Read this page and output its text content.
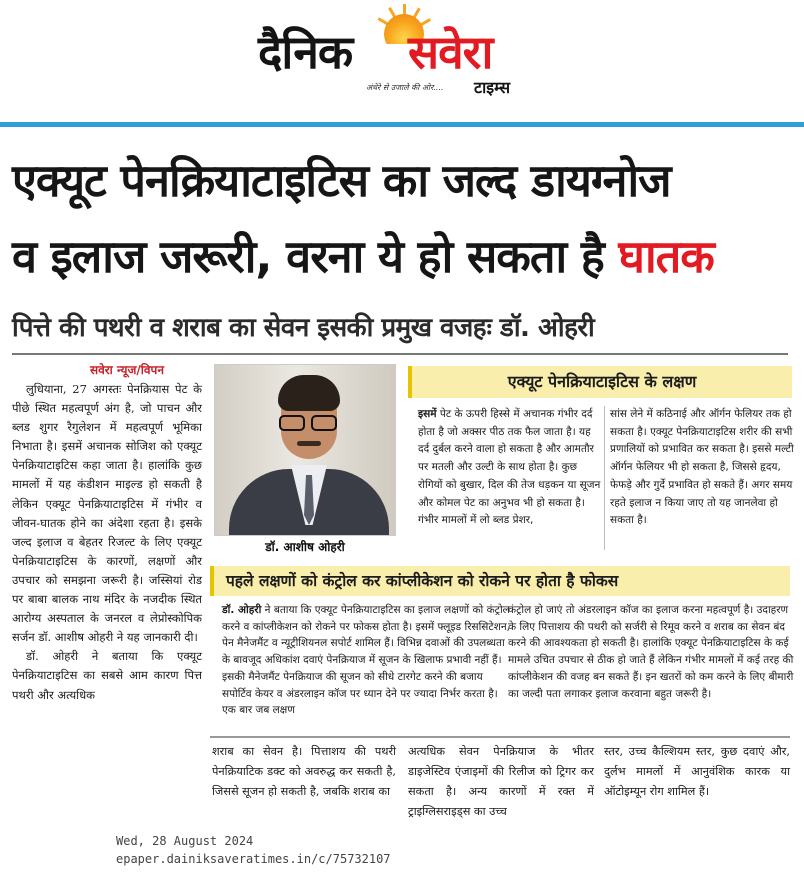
दैनिक सवेरा
अंधेरे से उजाले की ओर.... टाइम्स
एक्यूट पेनक्रियाटाइटिस का जल्द डायग्नोज
व इलाज जरूरी, वरना ये हो सकता है घातक
पित्ते की पथरी व शराब का सेवन इसकी प्रमुख वजहः डॉ. ओहरी
सवेरा न्यूज/विपन

लुधियाना, 27 अगस्तः पेनक्रियास पेट के पीछे स्थित महत्वपूर्ण अंग है, जो पाचन और ब्लड शुगर रैगुलेशन में महत्वपूर्ण भूमिका निभाता है। इसमें अचानक सोजिश को एक्यूट पेनक्रियाटाइटिस कहा जाता है। हालांकि कुछ मामलों में यह कंडीशन माइल्ड हो सकती है लेकिन एक्यूट पेनक्रियाटाइटिस में गंभीर व जीवन-घातक होने का अंदेशा रहता है। इसके जल्द इलाज व बेहतर रिजल्ट के लिए एक्यूट पेनक्रियाटाइटिस के कारणों, लक्षणों और उपचार को समझना जरूरी है। जस्सियां रोड पर बाबा बालक नाथ मंदिर के नजदीक स्थित आरोग्य अस्पताल के जनरल व लेप्रोस्कोपिक सर्जन डॉ. आशीष ओहरी ने यह जानकारी दी।

डॉ. ओहरी ने बताया कि एक्यूट पेनक्रियाटाइटिस का सबसे आम कारण पित्त पथरी और अत्यधिक

डॉ. आशीष ओहरी
एक्यूट पेनक्रियाटाइटिस के लक्षण
इसमें पेट के ऊपरी हिस्से में अचानक गंभीर दर्द होता है जो अक्सर पीठ तक फैल जाता है। यह दर्द दुर्बल करने वाला हो सकता है और आमतौर पर मतली और उल्टी के साथ होता है। कुछ रोगियों को बुखार, दिल की तेज धड़कन या सूजन और कोमल पेट का अनुभव भी हो सकता है। गंभीर मामलों में लो ब्लड प्रेशर,
सांस लेने में कठिनाई और ऑर्गन फेलियर तक हो सकता है। एक्यूट पेनक्रियाटाइटिस शरीर की सभी प्रणालियों को प्रभावित कर सकता है। इससे मल्टी ऑर्गन फेलियर भी हो सकता है, जिससे हृदय, फेफड़े और गुर्दे प्रभावित हो सकते हैं। अगर समय रहते इलाज न किया जाए तो यह जानलेवा हो सकता है।
पहले लक्षणों को कंट्रोल कर कांप्लीकेशन को रोकने पर होता है फोकस
डॉ. ओहरी ने बताया कि एक्यूट पेनक्रियाटाइटिस का इलाज लक्षणों को कंट्रोल करने व कांप्लीकेशन को रोकने पर फोकस होता है। इसमें फ्लूइड रिससिटेशन, पेन मैनेजमैंट व न्यूट्रीशियनल सपोर्ट शामिल हैं। विभिन्न दवाओं की उपलब्धता के बावजूद अधिकांश दवाएं पेनक्रियाज में सूजन के खिलाफ प्रभावी नहीं हैं। इसकी मैनेजमैंट पेनक्रियाज की सूजन को सीधे टारगेट करने की बजाय सपोर्टिव केयर व अंडरलाइन कॉज पर ध्यान देने पर ज्यादा निर्भर करता है। एक बार जब लक्षण
कंट्रोल हो जाएं तो अंडरलाइन कॉज का इलाज करना महत्वपूर्ण है। उदाहरण के लिए पित्ताशय की पथरी को सर्जरी से रिमूव करने व शराब का सेवन बंद करने की आवश्यकता हो सकती है। हालांकि एक्यूट पेनक्रियाटाइटिस के कई मामले उचित उपचार से ठीक हो जाते हैं लेकिन गंभीर मामलों में कई तरह की कांप्लीकेशन की वजह बन सकते हैं। इन खतरों को कम करने के लिए बीमारी का जल्दी पता लगाकर इलाज करवाना बहुत जरूरी है।
शराब का सेवन है। पित्ताशय की पथरी पेनक्रियाटिक डक्ट को अवरुद्ध कर सकती है, जिससे सूजन हो सकती है, जबकि शराब का
अत्यधिक सेवन पेनक्रियाज के भीतर डाइजेस्टिव एंजाइमों की रिलीज को ट्रिगर कर सकता है। अन्य कारणों में रक्त में ट्राइग्लिसराइड्स का उच्च
स्तर, उच्च कैल्शियम स्तर, कुछ दवाएं और, दुर्लभ मामलों में आनुवंशिक कारक या ऑटोइम्यून रोग शामिल हैं।
Wed, 28 August 2024
epaper.dainiksaveratimes.in/c/75732107
